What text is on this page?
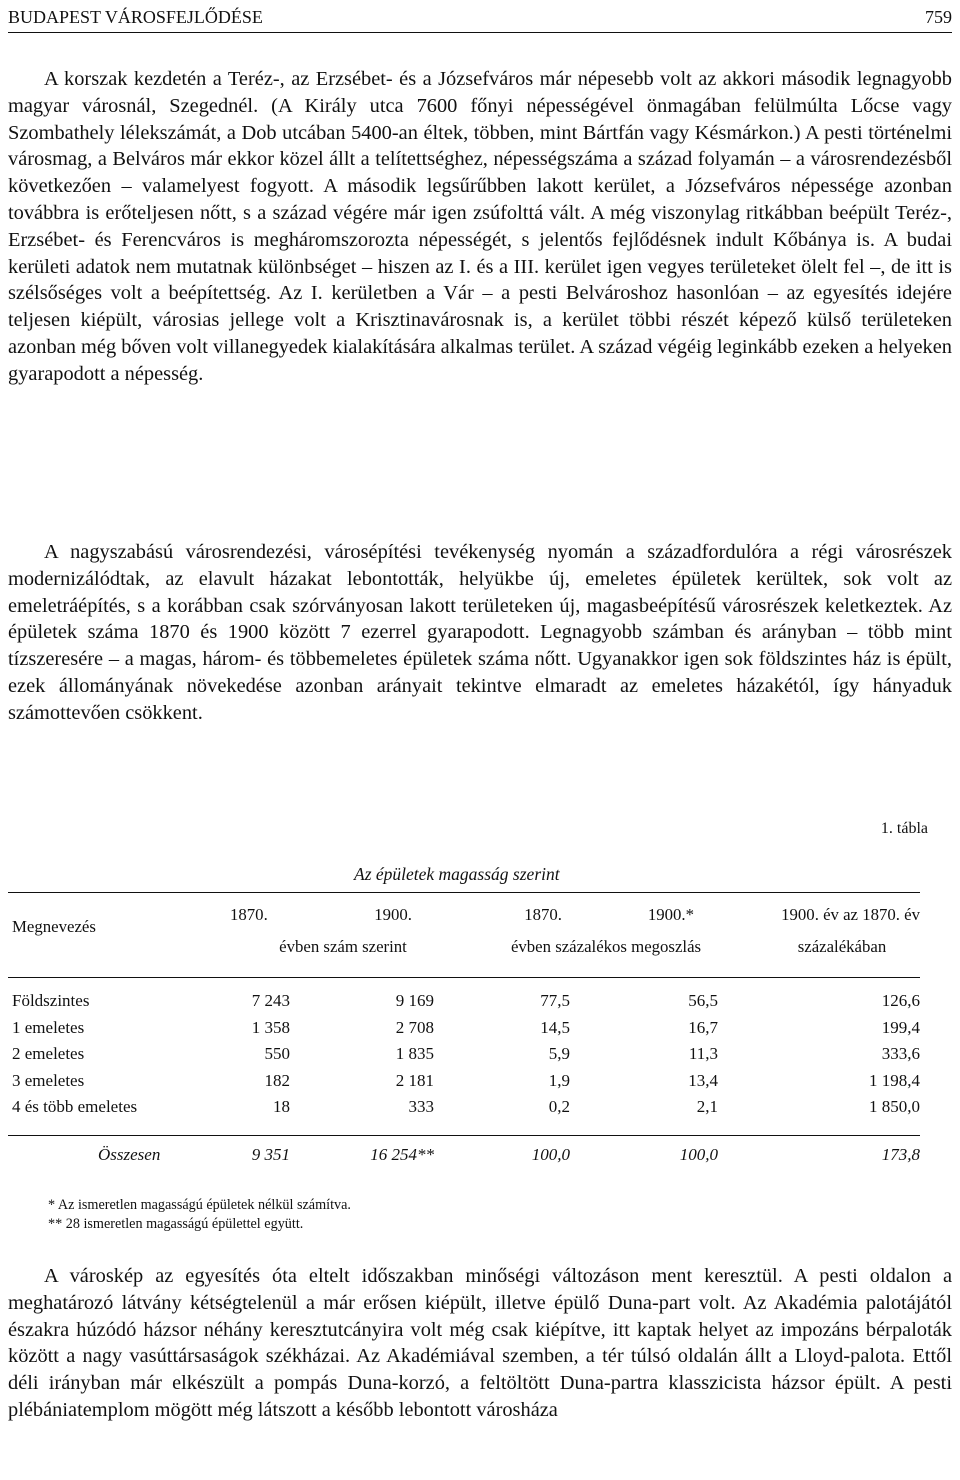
BUDAPEST VÁROSFEJLŐDÉSE	759

A korszak kezdetén a Teréz-, az Erzsébet- és a Józsefváros már népesebb volt az akkori második legnagyobb magyar városnál, Szegednél. (A Király utca 7600 főnyi népességével önmagában felülmúlta Lőcse vagy Szombathely lélekszámát, a Dob utcában 5400-an éltek, többen, mint Bártfán vagy Késmárkon.) A pesti történelmi városmag, a Belváros már ekkor közel állt a telítettséghez, népességszáma a század folyamán – a városrendezésből következően – valamelyest fogyott. A második legsűrűbben lakott kerület, a Józsefváros népessége azonban továbbra is erőteljesen nőtt, s a század végére már igen zsúfolttá vált. A még viszonylag ritkábban beépült Teréz-, Erzsébet- és Ferencváros is megháromszorozta népességét, s jelentős fejlődésnek indult Kőbánya is. A budai kerületi adatok nem mutatnak különbséget – hiszen az I. és a III. kerület igen vegyes területeket ölelt fel –, de itt is szélsőséges volt a beépítettség. Az I. kerületben a Vár – a pesti Belvároshoz hasonlóan – az egyesítés idejére teljesen kiépült, városias jellege volt a Krisztinavárosnak is, a kerület többi részét képező külső területeken azonban még bőven volt villanegyedek kialakítására alkalmas terület. A század végéig leginkább ezeken a helyeken gyarapodott a népesség.

A nagyszabású városrendezési, városépítési tevékenység nyomán a századfordulóra a régi városrészek modernizálódtak, az elavult házakat lebontották, helyükbe új, emeletes épületek kerültek, sok volt az emeletráépítés, s a korábban csak szórványosan lakott területeken új, magasbeépítésű városrészek keletkeztek. Az épületek száma 1870 és 1900 között 7 ezerrel gyarapodott. Legnagyobb számban és arányban – több mint tízszeresére – a magas, három- és többemeletes épületek száma nőtt. Ugyanakkor igen sok földszintes ház is épült, ezek állományának növekedése azonban arányait tekintve elmaradt az emeletes házakétól, így hányaduk számottevően csökkent.

1. tábla
Az épületek magasság szerint
Megnevezés	1870.	1900.	1870.	1900.*	1900. év az 1870. év
	évben szám szerint		évben százalékos megoszlás		százalékában

Földszintes	7 243	9 169	77,5	56,5	126,6
1 emeletes	1 358	2 708	14,5	16,7	199,4
2 emeletes	550	1 835	5,9	11,3	333,6
3 emeletes	182	2 181	1,9	13,4	1 198,4
4 és több emeletes	18	333	0,2	2,1	1 850,0

Összesen	9 351	16 254**	100,0	100,0	173,8
* Az ismeretlen magasságú épületek nélkül számítva.
** 28 ismeretlen magasságú épülettel együtt.

A városkép az egyesítés óta eltelt időszakban minőségi változáson ment keresztül. A pesti oldalon a meghatározó látvány kétségtelenül a már erősen kiépült, illetve épülő Duna-part volt. Az Akadémia palotájától északra húzódó házsor néhány keresztutcányira volt még csak kiépítve, itt kaptak helyet az impozáns bérpaloták között a nagy vasúttársaságok székházai. Az Akadémiával szemben, a tér túlsó oldalán állt a Lloyd-palota. Ettől déli irányban már elkészült a pompás Duna-korzó, a feltöltött Duna-partra klasszicista házsor épült. A pesti plébániatemplom mögött még látszott a később lebontott városháza
